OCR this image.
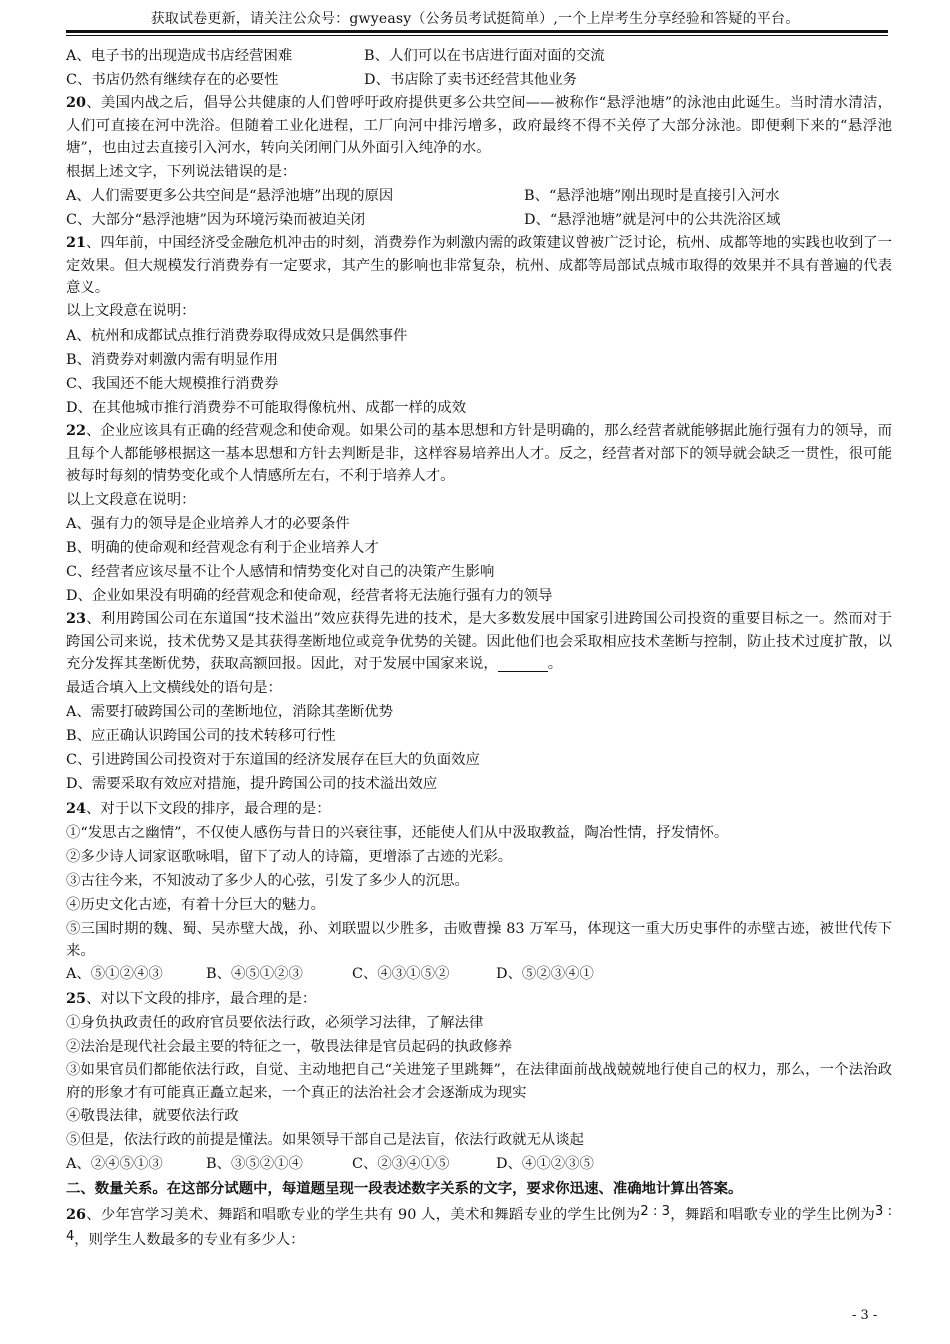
获取试卷更新，请关注公众号：gwyeasy（公务员考试挺简单）,一个上岸考生分享经验和答疑的平台。
A、电子书的出现造成书店经营困难	B、人们可以在书店进行面对面的交流
C、书店仍然有继续存在的必要性	D、书店除了卖书还经营其他业务
20、美国内战之后，倡导公共健康的人们曾呼吁政府提供更多公共空间——被称作“悬浮池塘”的泳池由此诞生。当时清水清洁，人们可直接在河中洗浴。但随着工业化进程，工厂向河中排污增多，政府最终不得不关停了大部分泳池。即便剩下来的“悬浮池塘”，也由过去直接引入河水，转向关闭闸门从外面引入纯净的水。
根据上述文字，下列说法错误的是：
A、人们需要更多公共空间是“悬浮池塘”出现的原因	B、“悬浮池塘”刚出现时是直接引入河水
C、大部分“悬浮池塘”因为环境污染而被迫关闭	D、“悬浮池塘”就是河中的公共洗浴区域
21、四年前，中国经济受金融危机冲击的时刻，消费券作为刺激内需的政策建议曾被广泛讨论，杭州、成都等地的实践也收到了一定效果。但大规模发行消费券有一定要求，其产生的影响也非常复杂，杭州、成都等局部试点城市取得的效果并不具有普遍的代表意义。
以上文段意在说明：
A、杭州和成都试点推行消费券取得成效只是偶然事件
B、消费券对刺激内需有明显作用
C、我国还不能大规模推行消费券
D、在其他城市推行消费券不可能取得像杭州、成都一样的成效
22、企业应该具有正确的经营观念和使命观。如果公司的基本思想和方针是明确的，那么经营者就能够据此施行强有力的领导，而且每个人都能够根据这一基本思想和方针去判断是非，这样容易培养出人才。反之，经营者对部下的领导就会缺乏一贯性，很可能被每时每刻的情势变化或个人情感所左右，不利于培养人才。
以上文段意在说明：
A、强有力的领导是企业培养人才的必要条件
B、明确的使命观和经营观念有利于企业培养人才
C、经营者应该尽量不让个人感情和情势变化对自己的决策产生影响
D、企业如果没有明确的经营观念和使命观，经营者将无法施行强有力的领导
23、利用跨国公司在东道国“技术溢出”效应获得先进的技术，是大多数发展中国家引进跨国公司投资的重要目标之一。然而对于跨国公司来说，技术优势又是其获得垄断地位或竞争优势的关键。因此他们也会采取相应技术垄断与控制，防止技术过度扩散，以充分发挥其垄断优势，获取高额回报。因此，对于发展中国家来说，	。
最适合填入上文横线处的语句是：
A、需要打破跨国公司的垄断地位，消除其垄断优势
B、应正确认识跨国公司的技术转移可行性
C、引进跨国公司投资对于东道国的经济发展存在巨大的负面效应
D、需要采取有效应对措施，提升跨国公司的技术溢出效应
24、对于以下文段的排序，最合理的是：
①“发思古之幽情”，不仅使人感伤与昔日的兴衰往事，还能使人们从中汲取教益，陶冶性情，抒发情怀。
②多少诗人词家讴歌咏唱，留下了动人的诗篇，更增添了古迹的光彩。
③古往今来，不知波动了多少人的心弦，引发了多少人的沉思。
④历史文化古迹，有着十分巨大的魅力。
⑤三国时期的魏、蜀、吴赤壁大战，孙、刘联盟以少胜多，击败曹操 83 万军马，体现这一重大历史事件的赤壁古迹，被世代传下来。
A、⑤①②④③	B、④⑤①②③	C、④③①⑤②	D、⑤②③④①
25、对以下文段的排序，最合理的是：
①身负执政责任的政府官员要依法行政，必须学习法律，了解法律
②法治是现代社会最主要的特征之一，敬畏法律是官员起码的执政修养
③如果官员们都能依法行政，自觉、主动地把自己“关进笼子里跳舞”，在法律面前战战兢兢地行使自己的权力，那么，一个法治政府的形象才有可能真正矗立起来，一个真正的法治社会才会逐渐成为现实
④敬畏法律，就要依法行政
⑤但是，依法行政的前提是懂法。如果领导干部自己是法盲，依法行政就无从谈起
A、②④⑤①③	B、③⑤②①④	C、②③④①⑤	D、④①②③⑤
二、数量关系。在这部分试题中，每道题呈现一段表述数字关系的文字，要求你迅速、准确地计算出答案。
26、少年宫学习美术、舞蹈和唱歌专业的学生共有 90 人，美术和舞蹈专业的学生比例为2 : 3，舞蹈和唱歌专业的学生比例为3 : 4，则学生人数最多的专业有多少人：
- 3 -
